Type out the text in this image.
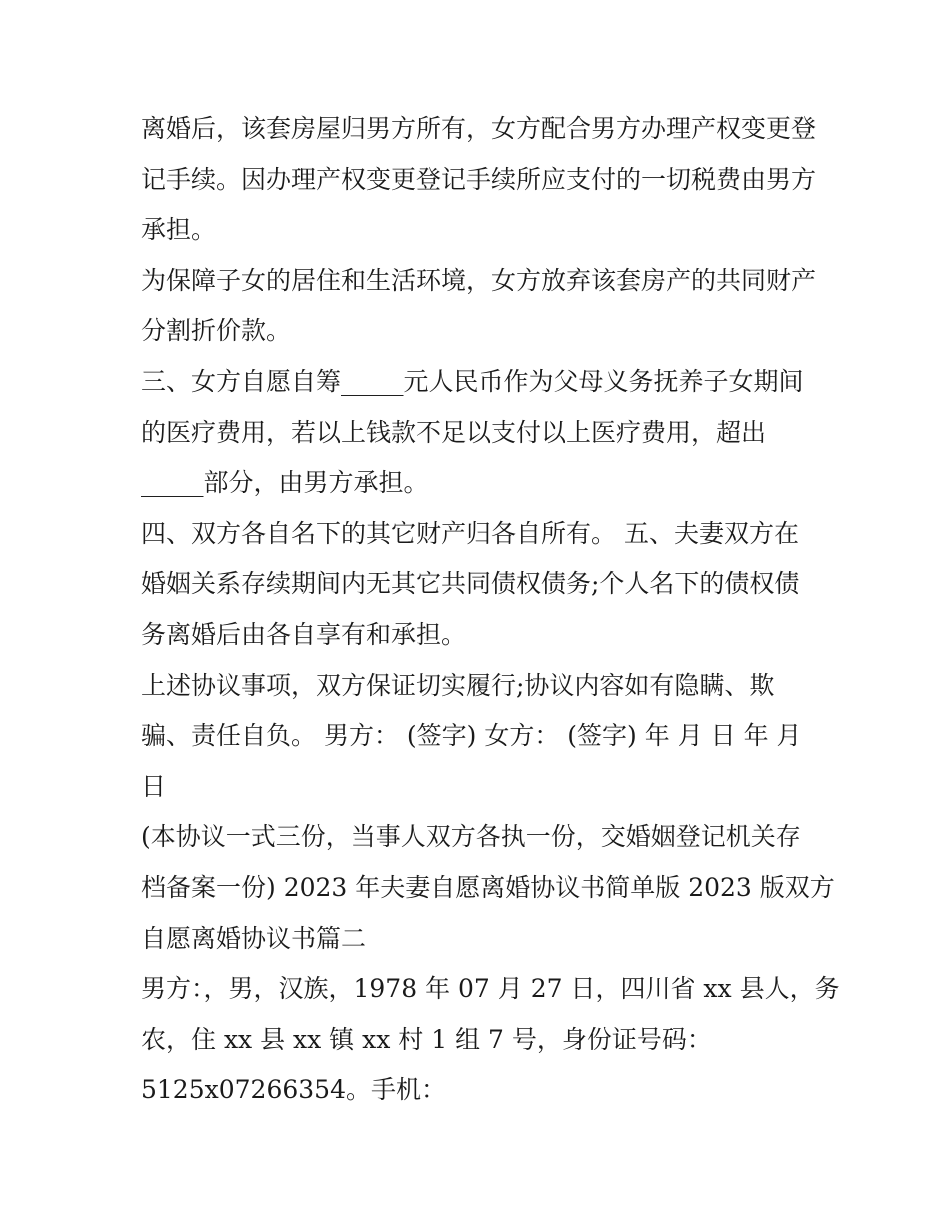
离婚后，该套房屋归男方所有，女方配合男方办理产权变更登
记手续。因办理产权变更登记手续所应支付的一切税费由男方
承担。
为保障子女的居住和生活环境，女方放弃该套房产的共同财产
分割折价款。
三、女方自愿自筹_____元人民币作为父母义务抚养子女期间
的医疗费用，若以上钱款不足以支付以上医疗费用，超出
_____部分，由男方承担。
四、双方各自名下的其它财产归各自所有。 五、夫妻双方在
婚姻关系存续期间内无其它共同债权债务;个人名下的债权债
务离婚后由各自享有和承担。
上述协议事项，双方保证切实履行;协议内容如有隐瞒、欺
骗、责任自负。 男方： (签字) 女方： (签字) 年 月 日 年 月
日
(本协议一式三份，当事人双方各执一份，交婚姻登记机关存
档备案一份) 2023 年夫妻自愿离婚协议书简单版 2023 版双方
自愿离婚协议书篇二
男方：，男，汉族，1978 年 07 月 27 日，四川省 xx 县人，务
农，住 xx 县 xx 镇 xx 村 1 组 7 号，身份证号码：
5125x07266354。手机：
